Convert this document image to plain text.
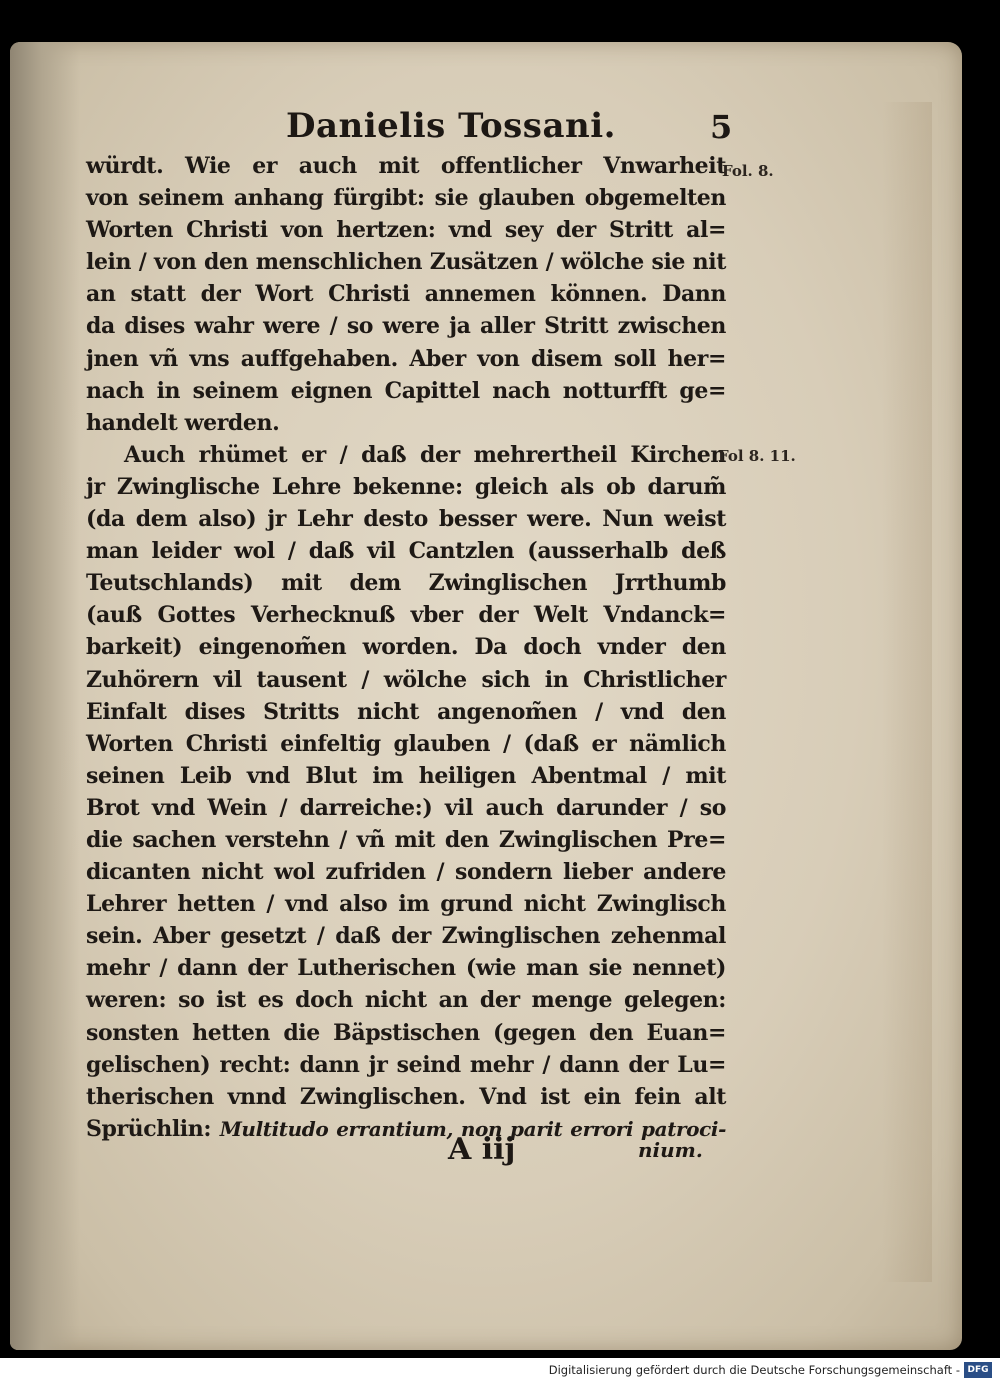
Danielis Tossani.	5
würdt. Wie er auch mit offentlicher Vnwarheit
von seinem anhang fürgibt: sie glauben obgemelten
Worten Christi von hertzen: vnd sey der Stritt al=
lein / von den menschlichen Zusätzen / wölche sie nit
an statt der Wort Christi annemen können. Dann
da dises wahr were / so were ja aller Stritt zwischen
jnen vñ vns auffgehaben. Aber von disem soll her=
nach in seinem eignen Capittel nach notturfft ge=
handelt werden.
Auch rhümet er / daß der mehrertheil Kirchen
jr Zwinglische Lehre bekenne: gleich als ob darum̃
(da dem also) jr Lehr desto besser were. Nun weist
man leider wol / daß vil Cantzlen (ausserhalb deß
Teutschlands) mit dem Zwinglischen Jrrthumb
(auß Gottes Verhecknuß vber der Welt Vndanck=
barkeit) eingenom̃en worden. Da doch vnder den
Zuhörern vil tausent / wölche sich in Christlicher
Einfalt dises Stritts nicht angenom̃en / vnd den
Worten Christi einfeltig glauben / (daß er nämlich
seinen Leib vnd Blut im heiligen Abentmal / mit
Brot vnd Wein / darreiche:) vil auch darunder / so
die sachen verstehn / vñ mit den Zwinglischen Pre=
dicanten nicht wol zufriden / sondern lieber andere
Lehrer hetten / vnd also im grund nicht Zwinglisch
sein. Aber gesetzt / daß der Zwinglischen zehenmal
mehr / dann der Lutherischen (wie man sie nennet)
weren: so ist es doch nicht an der menge gelegen:
sonsten hetten die Bäpstischen (gegen den Euan=
gelischen) recht: dann jr seind mehr / dann der Lu=
therischen vnnd Zwinglischen. Vnd ist ein fein alt
Sprüchlin: Multitudo errantium, non parit errori patroci-
Fol. 8.
Fol 8. 11.
A iij	nium.
Digitalisierung gefördert durch die Deutsche Forschungsgemeinschaft - DFG
